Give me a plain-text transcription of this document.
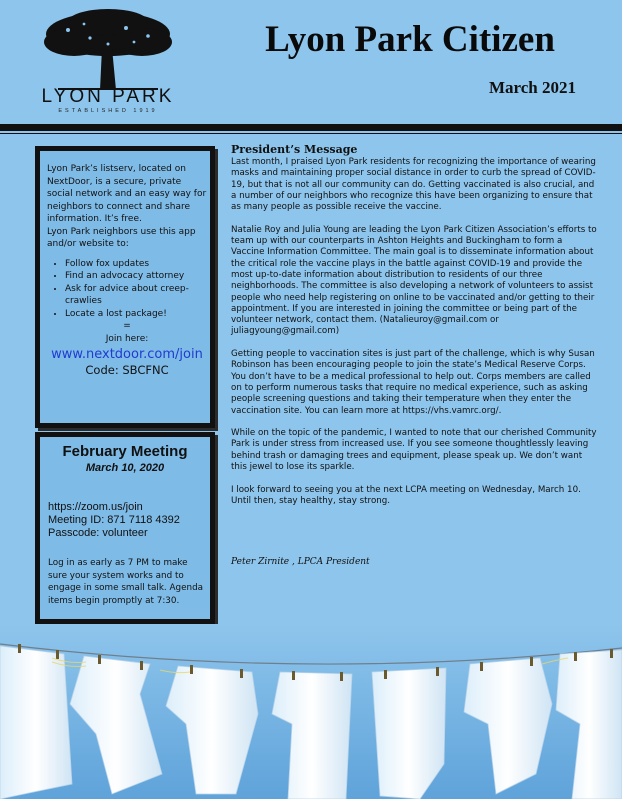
LYON PARK
ESTABLISHED 1919
Lyon Park Citizen
March 2021

Lyon Park’s listserv, located on NextDoor, is a secure, private social network and an easy way for neighbors to connect and share information. It’s free.

Lyon Park neighbors use this app and/or website to:

• Follow fox updates
• Find an advocacy attorney
• Ask for advice about creep-crawlies
• Locate a lost package!
=
Join here:
www.nextdoor.com/join
Code: SBCFNC
February Meeting
March 10, 2020
https://zoom.us/join
Meeting ID: 871 7118 4392
Passcode: volunteer
Log in as early as 7 PM to make sure your system works and to engage in some small talk. Agenda items begin promptly at 7:30.
President’s Message

Last month, I praised Lyon Park residents for recognizing the importance of wearing masks and maintaining proper social distance in order to curb the spread of COVID-19, but that is not all our community can do. Getting vaccinated is also crucial, and a number of our neighbors who recognize this have been organizing to ensure that as many people as possible receive the vaccine.

Natalie Roy and Julia Young are leading the Lyon Park Citizen Association’s efforts to team up with our counterparts in Ashton Heights and Buckingham to form a Vaccine Information Committee. The main goal is to disseminate information about the critical role the vaccine plays in the battle against COVID-19 and provide the most up-to-date information about distribution to residents of our three neighborhoods. The committee is also developing a network of volunteers to assist people who need help registering on online to be vaccinated and/or getting to their appointment. If you are interested in joining the committee or being part of the volunteer network, contact them. (Natalieuroy@gmail.com or juliagyoung@gmail.com)

Getting people to vaccination sites is just part of the challenge, which is why Susan Robinson has been encouraging people to join the state’s Medical Reserve Corps. You don’t have to be a medical professional to help out. Corps members are called on to perform numerous tasks that require no medical experience, such as asking people screening questions and taking their temperature when they enter the vaccination site. You can learn more at https://vhs.vamrc.org/.

While on the topic of the pandemic, I wanted to note that our cherished Community Park is under stress from increased use. If you see someone thoughtlessly leaving behind trash or damaging trees and equipment, please speak up. We don’t want this jewel to lose its sparkle.

I look forward to seeing you at the next LCPA meeting on Wednesday, March 10. Until then, stay healthy, stay strong.

Peter Zirnite , LPCA President
